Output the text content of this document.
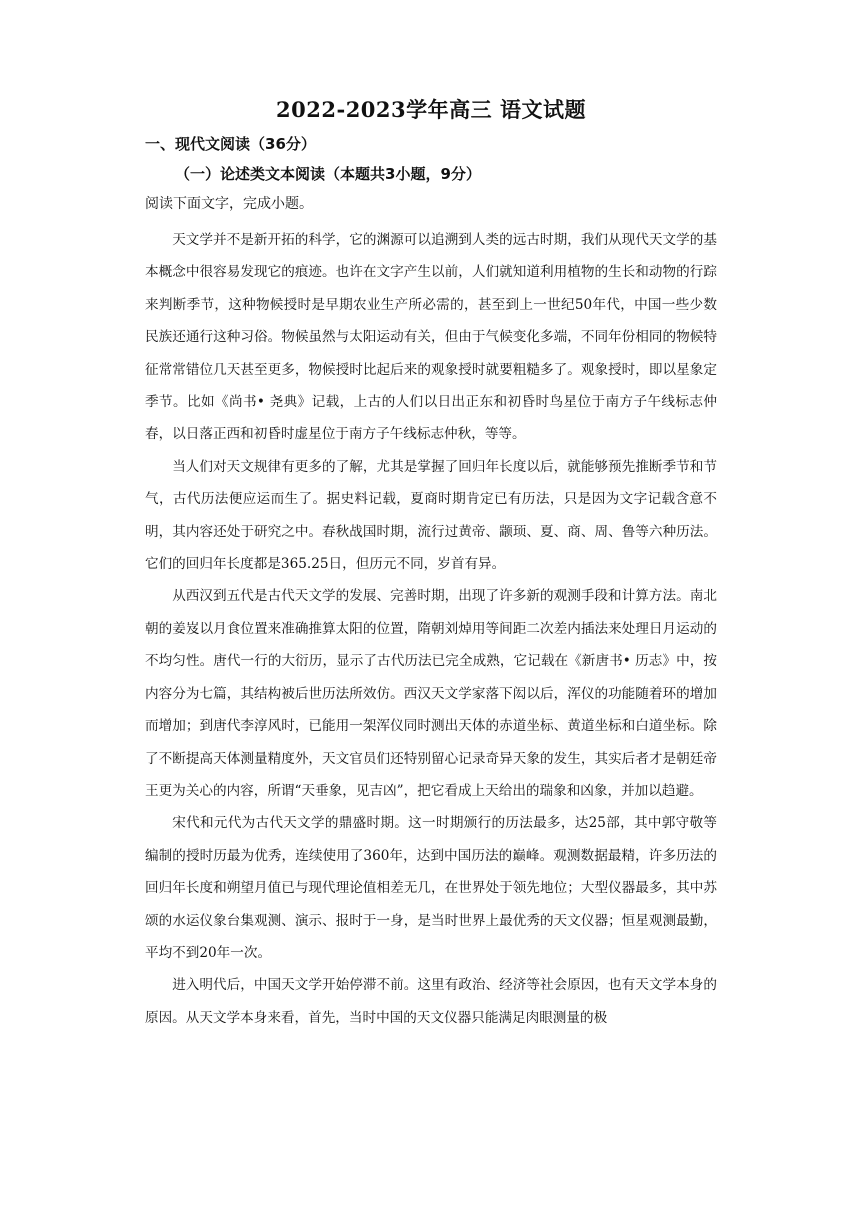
2022-2023学年高三 语文试题
一、现代文阅读（36分）
（一）论述类文本阅读（本题共3小题，9分）
阅读下面文字，完成小题。

天文学并不是新开拓的科学，它的渊源可以追溯到人类的远古时期，我们从现代天文学的基本概念中很容易发现它的痕迹。也许在文字产生以前，人们就知道利用植物的生长和动物的行踪来判断季节，这种物候授时是早期农业生产所必需的，甚至到上一世纪50年代，中国一些少数民族还通行这种习俗。物候虽然与太阳运动有关，但由于气候变化多端，不同年份相同的物候特征常常错位几天甚至更多，物候授时比起后来的观象授时就要粗糙多了。观象授时，即以星象定季节。比如《尚书• 尧典》记载，上古的人们以日出正东和初昏时鸟星位于南方子午线标志仲春，以日落正西和初昏时虚星位于南方子午线标志仲秋，等等。

当人们对天文规律有更多的了解，尤其是掌握了回归年长度以后，就能够预先推断季节和节气，古代历法便应运而生了。据史料记载，夏商时期肯定已有历法，只是因为文字记载含意不明，其内容还处于研究之中。春秋战国时期，流行过黄帝、颛顼、夏、商、周、鲁等六种历法。它们的回归年长度都是365.25日，但历元不同，岁首有异。

从西汉到五代是古代天文学的发展、完善时期，出现了许多新的观测手段和计算方法。南北朝的姜岌以月食位置来准确推算太阳的位置，隋朝刘焯用等间距二次差内插法来处理日月运动的不均匀性。唐代一行的大衍历，显示了古代历法已完全成熟，它记载在《新唐书• 历志》中，按内容分为七篇，其结构被后世历法所效仿。西汉天文学家落下闳以后，浑仪的功能随着环的增加而增加；到唐代李淳风时，已能用一架浑仪同时测出天体的赤道坐标、黄道坐标和白道坐标。除了不断提高天体测量精度外，天文官员们还特别留心记录奇异天象的发生，其实后者才是朝廷帝王更为关心的内容，所谓“天垂象，见吉凶”，把它看成上天给出的瑞象和凶象，并加以趋避。

宋代和元代为古代天文学的鼎盛时期。这一时期颁行的历法最多，达25部，其中郭守敬等编制的授时历最为优秀，连续使用了360年，达到中国历法的巅峰。观测数据最精，许多历法的回归年长度和朔望月值已与现代理论值相差无几，在世界处于领先地位；大型仪器最多，其中苏颂的水运仪象台集观测、演示、报时于一身，是当时世界上最优秀的天文仪器；恒星观测最勤，平均不到20年一次。

进入明代后，中国天文学开始停滞不前。这里有政治、经济等社会原因，也有天文学本身的原因。从天文学本身来看，首先，当时中国的天文仪器只能满足肉眼测量的极
